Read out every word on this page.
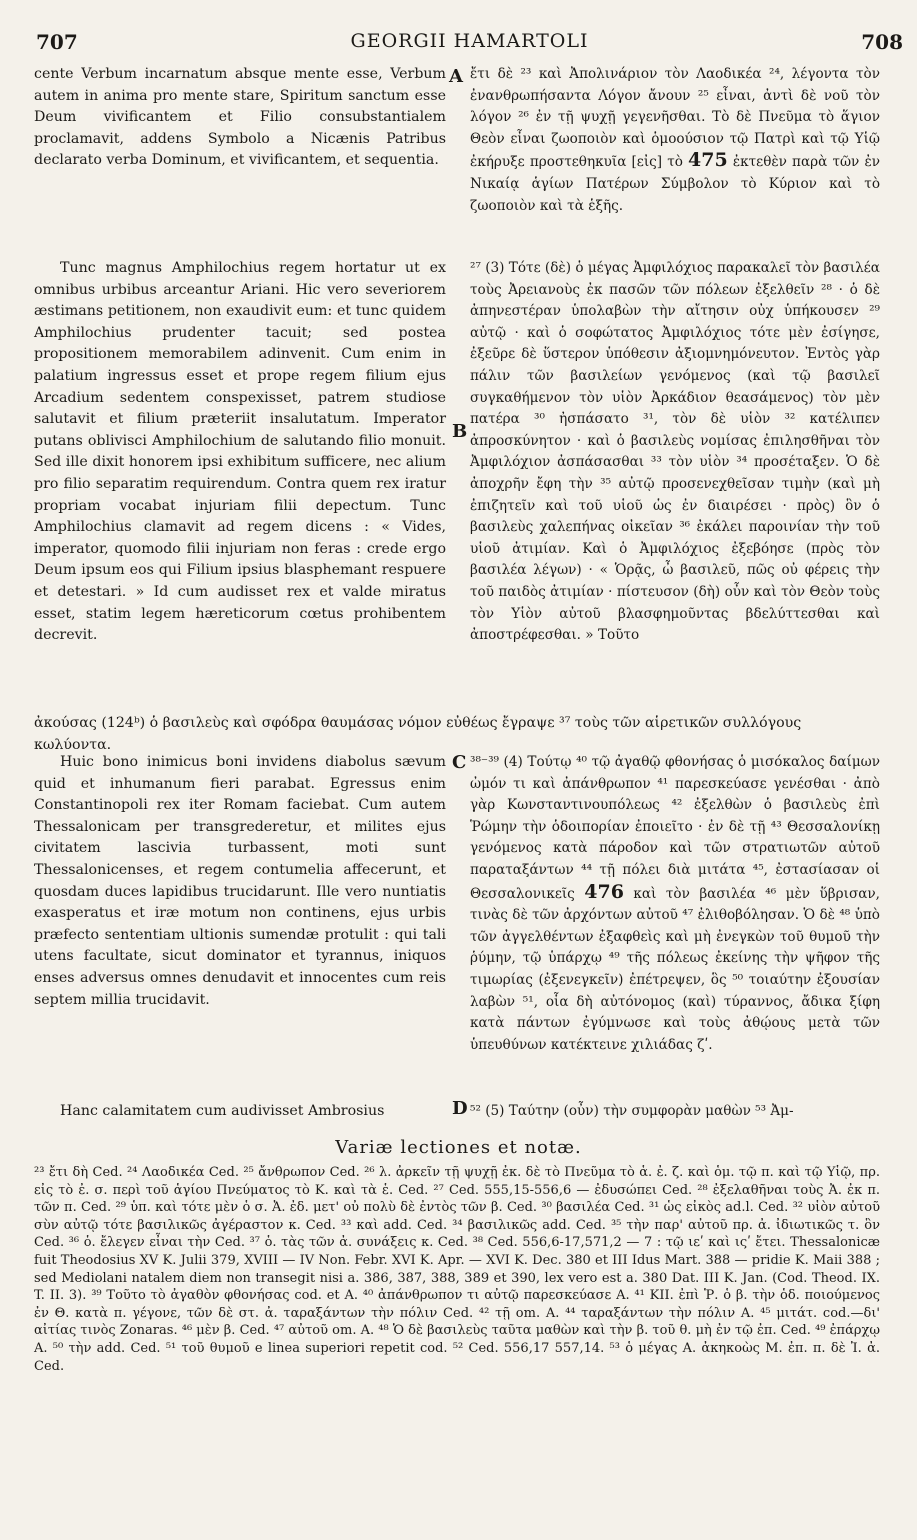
707	GEORGII HAMARTOLI	708

cente Verbum incarnatum absque mente esse, Verbum autem in anima pro mente stare, Spiritum sanctum esse Deum vivificantem et Filio consubstantialem proclamavit, addens Symbolo a Nicænis Patribus declarato verba Dominum, et vivificantem, et sequentia.

Tunc magnus Amphilochius regem hortatur ut ex omnibus urbibus arceantur Ariani. Hic vero severiorem æstimans petitionem, non exaudivit eum: et tunc quidem Amphilochius prudenter tacuit; sed postea propositionem memorabilem adinvenit. Cum enim in palatium ingressus esset et prope regem filium ejus Arcadium sedentem conspexisset, patrem studiose salutavit et filium præteriit insalutatum. Imperator putans oblivisci Amphilochium de salutando filio monuit. Sed ille dixit honorem ipsi exhibitum sufficere, nec alium pro filio separatim requirendum. Contra quem rex iratur propriam vocabat injuriam filii depectum. Tunc Amphilochius clamavit ad regem dicens : « Vides, imperator, quomodo filii injuriam non feras : crede ergo Deum ipsum eos qui Filium ipsius blasphemant respuere et detestari. » Id cum audisset rex et valde miratus esset, statim legem hæreticorum cœtus prohibentem decrevit.

Huic bono inimicus boni invidens diabolus sævum quid et inhumanum fieri parabat. Egressus enim Constantinopoli rex iter Romam faciebat. Cum autem Thessalonicam per transgrederetur, et milites ejus civitatem lascivia turbassent, moti sunt Thessalonicenses, et regem contumelia affecerunt, et quosdam duces lapidibus trucidarunt. Ille vero nuntiatis exasperatus et iræ motum non continens, ejus urbis præfecto sententiam ultionis sumendæ protulit : qui tali utens facultate, sicut dominator et tyrannus, iniquos enses adversus omnes denudavit et innocentes cum reis septem millia trucidavit.

Hanc calamitatem cum audivisset Ambrosius

ἔτι δὲ ²³ καὶ Ἀπολινάριον τὸν Λαοδικέα ²⁴, λέγοντα τὸν ἐνανθρωπήσαντα Λόγον ἄνουν ²⁵ εἶναι, ἀντὶ δὲ νοῦ τὸν λόγον ²⁶ ἐν τῇ ψυχῇ γεγενῆσθαι. Τὸ δὲ Πνεῦμα τὸ ἅγιον Θεὸν εἶναι ζωοποιὸν καὶ ὁμοούσιον τῷ Πατρὶ καὶ τῷ Υἱῷ ἐκήρυξε προστεθηκυῖα [εἰς] τὸ 475 ἐκτεθὲν παρὰ τῶν ἐν Νικαίᾳ ἁγίων Πατέρων Σύμβολον τὸ Κύριον καὶ τὸ ζωοποιὸν καὶ τὰ ἑξῆς.

²⁷ (3) Τότε (δὲ) ὁ μέγας Ἀμφιλόχιος παρακαλεῖ τὸν βασιλέα τοὺς Ἀρειανοὺς ἐκ πασῶν τῶν πόλεων ἐξελθεῖν ²⁸ · ὁ δὲ ἀπηνεστέραν ὑπολαβὼν τὴν αἴτησιν οὐχ ὑπήκουσεν ²⁹ αὐτῷ · καὶ ὁ σοφώτατος Ἀμφιλόχιος τότε μὲν ἐσίγησε, ἐξεῦρε δὲ ὕστερον ὑπόθεσιν ἀξιομνημόνευτον. Ἐντὸς γὰρ πάλιν τῶν βασιλείων γενόμενος (καὶ τῷ βασιλεῖ συγκαθήμενον τὸν υἱὸν Ἀρκάδιον θεασάμενος) τὸν μὲν πατέρα ³⁰ ἠσπάσατο ³¹, τὸν δὲ υἱὸν ³² κατέλιπεν ἀπροσκύνητον · καὶ ὁ βασιλεὺς νομίσας ἐπιλησθῆναι τὸν Ἀμφιλόχιον ἀσπάσασθαι ³³ τὸν υἱὸν ³⁴ προσέταξεν. Ὁ δὲ ἀποχρῆν ἔφη τὴν ³⁵ αὐτῷ προσενεχθεῖσαν τιμὴν (καὶ μὴ ἐπιζητεῖν καὶ τοῦ υἱοῦ ὡς ἐν διαιρέσει · πρὸς) ὃν ὁ βασιλεὺς χαλεπήνας οἰκεῖαν ³⁶ ἐκάλει παροινίαν τὴν τοῦ υἱοῦ ἀτιμίαν. Καὶ ὁ Ἀμφιλόχιος ἐξεβόησε (πρὸς τὸν βασιλέα λέγων) · « Ὁρᾷς, ὦ βασιλεῦ, πῶς οὐ φέρεις τὴν τοῦ παιδὸς ἀτιμίαν · πίστευσον (δὴ) οὖν καὶ τὸν Θεὸν τοὺς τὸν Υἱὸν αὐτοῦ βλασφημοῦντας βδελύττεσθαι καὶ ἀποστρέφεσθαι. » Τοῦτο

³⁸⁻³⁹ (4) Τούτῳ ⁴⁰ τῷ ἀγαθῷ φθονήσας ὁ μισόκαλος δαίμων ὠμόν τι καὶ ἀπάνθρωπον ⁴¹ παρεσκεύασε γενέσθαι · ἀπὸ γὰρ Κωνσταντινουπόλεως ⁴² ἐξελθὼν ὁ βασιλεὺς ἐπὶ Ῥώμην τὴν ὁδοιπορίαν ἐποιεῖτο · ἐν δὲ τῇ ⁴³ Θεσσαλονίκῃ γενόμενος κατὰ πάροδον καὶ τῶν στρατιωτῶν αὐτοῦ παραταξάντων ⁴⁴ τῇ πόλει διὰ μιτάτα ⁴⁵, ἐστασίασαν οἱ Θεσσαλονικεῖς 476 καὶ τὸν βασιλέα ⁴⁶ μὲν ὕβρισαν, τινὰς δὲ τῶν ἀρχόντων αὐτοῦ ⁴⁷ ἐλιθοβόλησαν. Ὁ δὲ ⁴⁸ ὑπὸ τῶν ἀγγελθέντων ἐξαφθεὶς καὶ μὴ ἐνεγκὼν τοῦ θυμοῦ τὴν ῥύμην, τῷ ὑπάρχῳ ⁴⁹ τῆς πόλεως ἐκείνης τὴν ψῆφον τῆς τιμωρίας (ἐξενεγκεῖν) ἐπέτρεψεν, ὃς ⁵⁰ τοιαύτην ἐξουσίαν λαβὼν ⁵¹, οἷα δὴ αὐτόνομος (καὶ) τύραννος, ἄδικα ξίφη κατὰ πάντων ἐγύμνωσε καὶ τοὺς ἀθῴους μετὰ τῶν ὑπευθύνων κατέκτεινε χιλιάδας ζʹ.

⁵² (5) Ταύτην (οὖν) τὴν συμφορὰν μαθὼν ⁵³ Ἀμ-

ἀκούσας (124ᵇ) ὁ βασιλεὺς καὶ σφόδρα θαυμάσας νόμον εὐθέως ἔγραψε ³⁷ τοὺς τῶν αἱρετικῶν συλλόγους κωλύοντα.
A
B
C
D
Variæ lectiones et notæ.

²³ ἔτι δὴ Ced. ²⁴ Λαοδικέα Ced. ²⁵ ἄνθρωπον Ced. ²⁶ λ. ἀρκεῖν τῇ ψυχῇ ἐκ. δὲ τὸ Πνεῦμα τὸ ἁ. ἐ. ζ. καὶ ὁμ. τῷ π. καὶ τῷ Υἱῷ, πρ. εἰς τὸ ἐ. σ. περὶ τοῦ ἁγίου Πνεύματος τὸ Κ. καὶ τὰ ἑ. Ced. ²⁷ Ced. 555,15-556,6 — ἐδυσώπει Ced. ²⁸ ἐξελαθῆναι τοὺς Ἀ. ἐκ π. τῶν π. Ced. ²⁹ ὑπ. καὶ τότε μὲν ὁ σ. Ἀ. ἐδ. μετ' οὐ πολὺ δὲ ἐντὸς τῶν β. Ced. ³⁰ βασιλέα Ced. ³¹ ὡς εἰκὸς ad.l. Ced. ³² υἱὸν αὐτοῦ σὺν αὐτῷ τότε βασιλικῶς ἀγέραστον κ. Ced. ³³ καὶ add. Ced. ³⁴ βασιλικῶς add. Ced. ³⁵ τὴν παρ' αὐτοῦ πρ. ἀ. ἰδιωτικῶς τ. ὃν Ced. ³⁶ ὁ. ἔλεγεν εἶναι τὴν Ced. ³⁷ ὁ. τὰς τῶν ἀ. συνάξεις κ. Ced. ³⁸ Ced. 556,6-17,571,2 — 7 : τῷ ιεʹ καὶ ιςʹ ἔτει. Thessalonicæ fuit Theodosius XV K. Julii 379, XVIII — IV Non. Febr. XVI K. Apr. — XVI K. Dec. 380 et III Idus Mart. 388 — pridie K. Maii 388 ; sed Mediolani natalem diem non transegit nisi a. 386, 387, 388, 389 et 390, lex vero est a. 380 Dat. III K. Jan. (Cod. Theod. IX. T. II. 3). ³⁹ Τοῦτο τὸ ἀγαθὸν φθονήσας cod. et A. ⁴⁰ ἀπάνθρωπον τι αὐτῷ παρεσκεύασε A. ⁴¹ KII. ἐπὶ Ῥ. ὁ β. τὴν ὁδ. ποιούμενος ἐν Θ. κατὰ π. γέγονε, τῶν δὲ στ. ἀ. ταραξάντων τὴν πόλιν Ced. ⁴² τῇ om. A. ⁴⁴ ταραξάντων τὴν πόλιν A. ⁴⁵ μιτάτ. cod.—δι' αἰτίας τινὸς Zonaras. ⁴⁶ μὲν β. Ced. ⁴⁷ αὐτοῦ om. A. ⁴⁸ Ὁ δὲ βασιλεὺς ταῦτα μαθὼν καὶ τὴν β. τοῦ θ. μὴ ἐν τῷ ἐπ. Ced. ⁴⁹ ἐπάρχῳ A. ⁵⁰ τὴν add. Ced. ⁵¹ τοῦ θυμοῦ e linea superiori repetit cod. ⁵² Ced. 556,17 557,14. ⁵³ ὁ μέγας A. ἀκηκοὼς M. ἐπ. π. δὲ Ἰ. ἀ. Ced.
